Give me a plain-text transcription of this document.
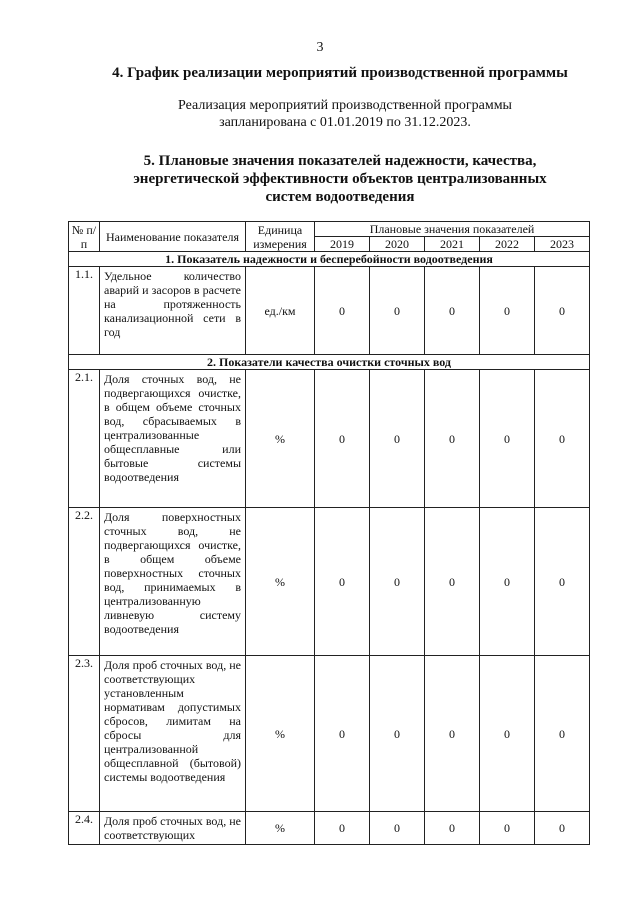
3
4. График реализации мероприятий производственной программы
Реализация мероприятий производственной программы
запланирована с 01.01.2019 по 31.12.2023.
5. Плановые значения показателей надежности, качества,
энергетической эффективности объектов централизованных
систем водоотведения
№ п/п	Наименование показателя	Единица измерения	Плановые значения показателей				
			2019	2020	2021	2022	2023
1. Показатель надежности и бесперебойности водоотведения							
1.1.	Удельное количество аварий и засоров в расчете на протяженность канализационной сети в год	ед./км	0	0	0	0	0
2. Показатели качества очистки сточных вод							
2.1.	Доля сточных вод, не подвергающихся очистке, в общем объеме сточных вод, сбрасываемых в централизованные общесплавные или бытовые системы водоотведения	%	0	0	0	0	0
2.2.	Доля поверхностных сточных вод, не подвергающихся очистке, в общем объеме поверхностных сточных вод, принимаемых в централизованную ливневую систему водоотведения	%	0	0	0	0	0
2.3.	Доля проб сточных вод, не соответствующих установленным нормативам допустимых сбросов, лимитам на сбросы для централизованной общесплавной (бытовой) системы водоотведения	%	0	0	0	0	0
2.4.	Доля проб сточных вод, не соответствующих	%	0	0	0	0	0
